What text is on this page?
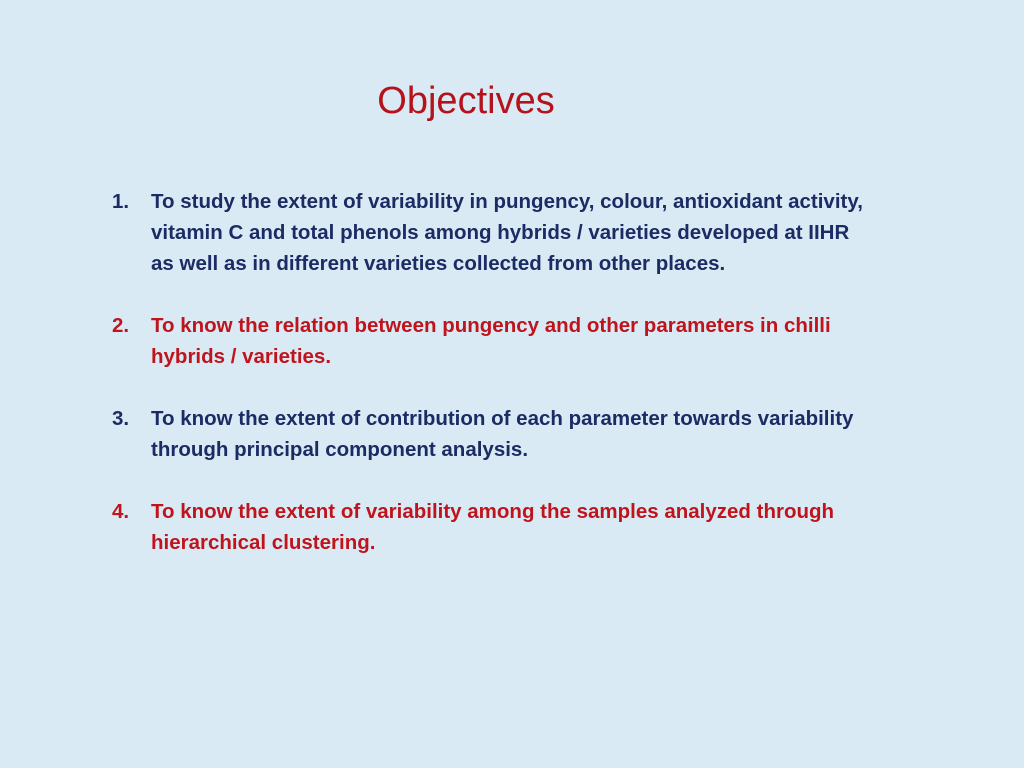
Objectives
1. To study the extent of variability in pungency, colour, antioxidant activity, vitamin C and total phenols among hybrids / varieties developed at IIHR as well as in different varieties collected from other places.
2. To know the relation between pungency and other parameters in chilli hybrids / varieties.
3. To know the extent of contribution of each parameter towards variability through principal component analysis.
4. To know the extent of variability among the samples analyzed through hierarchical clustering.
